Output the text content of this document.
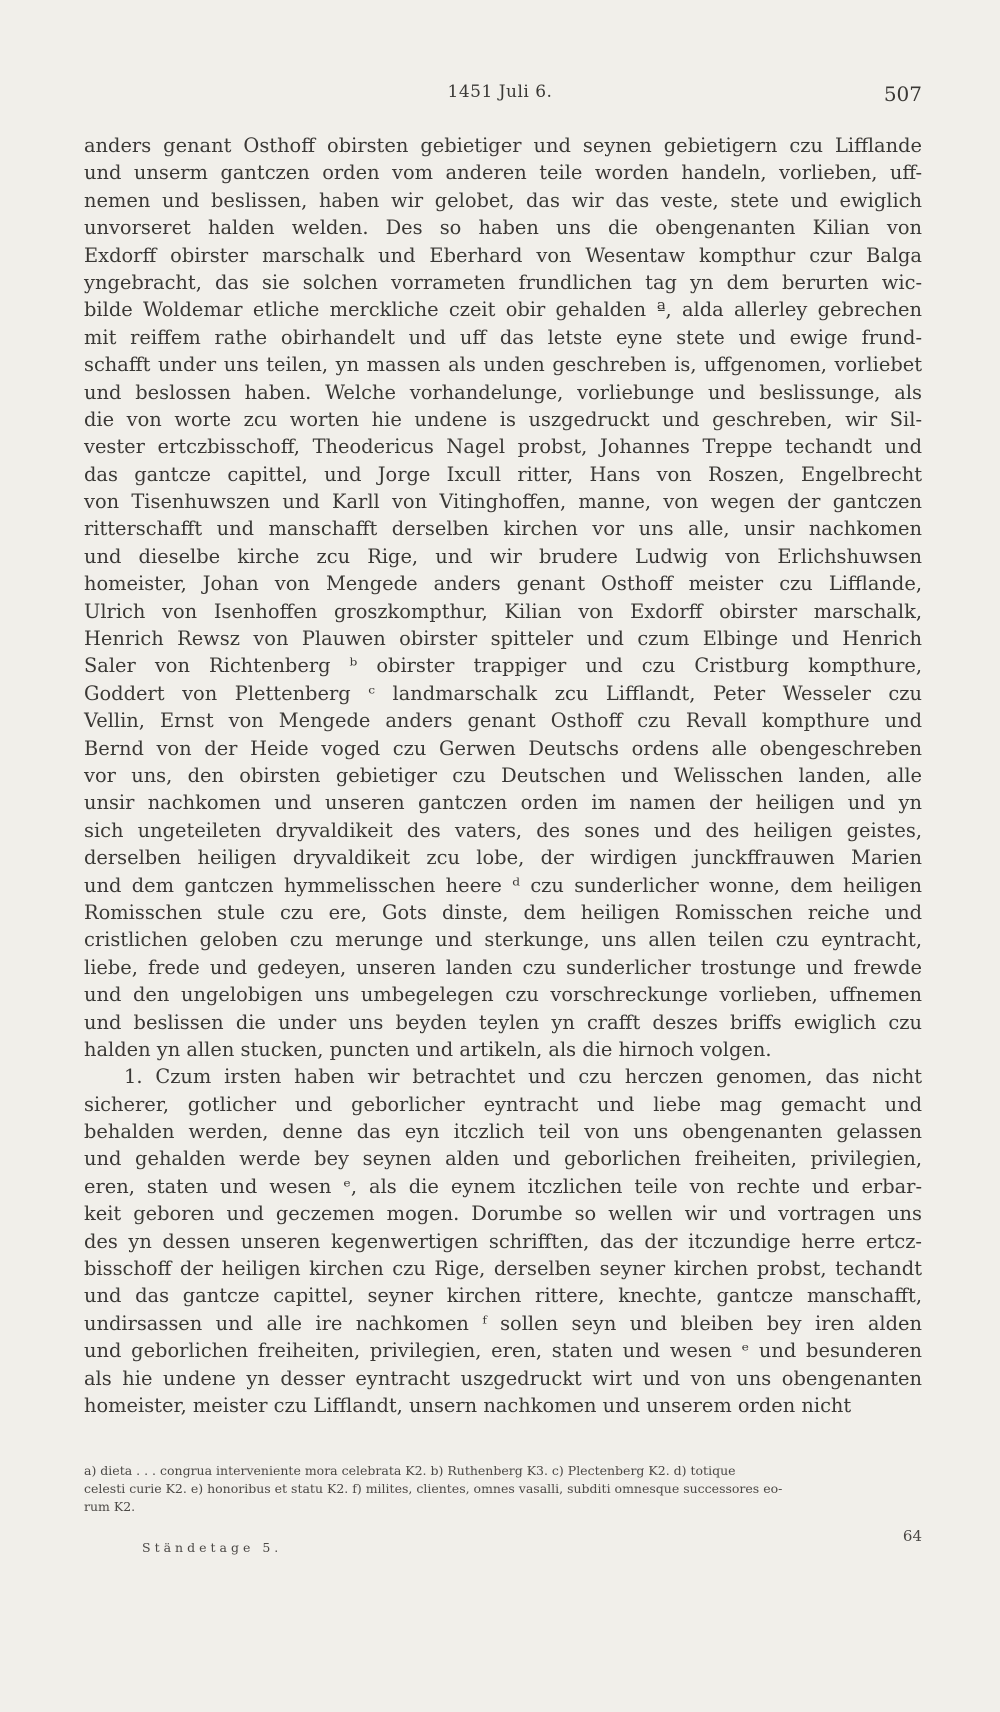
1451 Juli 6.	507
anders genant Osthoff obirsten gebietiger und seynen gebietigern czu Lifflande
und unserm gantczen orden vom anderen teile worden handeln, vorlieben, uff-
nemen und beslissen, haben wir gelobet, das wir das veste, stete und ewiglich
unvorseret halden welden. Des so haben uns die obengenanten Kilian von
Exdorff obirster marschalk und Eberhard von Wesentaw kompthur czur Balga
yngebracht, das sie solchen vorrameten frundlichen tag yn dem berurten wic-
bilde Woldemar etliche merckliche czeit obir gehalden ª, alda allerley gebrechen
mit reiffem rathe obirhandelt und uff das letste eyne stete und ewige frund-
schafft under uns teilen, yn massen als unden geschreben is, uffgenomen, vorliebet
und beslossen haben. Welche vorhandelunge, vorliebunge und beslissunge, als
die von worte zcu worten hie undene is uszgedruckt und geschreben, wir Sil-
vester ertczbisschoff, Theodericus Nagel probst, Johannes Treppe techandt und
das gantcze capittel, und Jorge Ixcull ritter, Hans von Roszen, Engelbrecht
von Tisenhuwszen und Karll von Vitinghoffen, manne, von wegen der gantczen
ritterschafft und manschafft derselben kirchen vor uns alle, unsir nachkomen
und dieselbe kirche zcu Rige, und wir brudere Ludwig von Erlichshuwsen
homeister, Johan von Mengede anders genant Osthoff meister czu Lifflande,
Ulrich von Isenhoffen groszkompthur, Kilian von Exdorff obirster marschalk,
Henrich Rewsz von Plauwen obirster spitteler und czum Elbinge und Henrich
Saler von Richtenberg ᵇ obirster trappiger und czu Cristburg kompthure,
Goddert von Plettenberg ᶜ landmarschalk zcu Lifflandt, Peter Wesseler czu
Vellin, Ernst von Mengede anders genant Osthoff czu Revall kompthure und
Bernd von der Heide voged czu Gerwen Deutschs ordens alle obengeschreben
vor uns, den obirsten gebietiger czu Deutschen und Welisschen landen, alle
unsir nachkomen und unseren gantczen orden im namen der heiligen und yn
sich ungeteileten dryvaldikeit des vaters, des sones und des heiligen geistes,
derselben heiligen dryvaldikeit zcu lobe, der wirdigen junckffrauwen Marien
und dem gantczen hymmelisschen heere ᵈ czu sunderlicher wonne, dem heiligen
Romisschen stule czu ere, Gots dinste, dem heiligen Romisschen reiche und
cristlichen geloben czu merunge und sterkunge, uns allen teilen czu eyntracht,
liebe, frede und gedeyen, unseren landen czu sunderlicher trostunge und frewde
und den ungelobigen uns umbegelegen czu vorschreckunge vorlieben, uffnemen
und beslissen die under uns beyden teylen yn crafft deszes briffs ewiglich czu
halden yn allen stucken, puncten und artikeln, als die hirnoch volgen.
1. Czum irsten haben wir betrachtet und czu herczen genomen, das nicht
sicherer, gotlicher und geborlicher eyntracht und liebe mag gemacht und
behalden werden, denne das eyn itczlich teil von uns obengenanten gelassen
und gehalden werde bey seynen alden und geborlichen freiheiten, privilegien,
eren, staten und wesen ᵉ, als die eynem itczlichen teile von rechte und erbar-
keit geboren und geczemen mogen. Dorumbe so wellen wir und vortragen uns
des yn dessen unseren kegenwertigen schrifften, das der itczundige herre ertcz-
bisschoff der heiligen kirchen czu Rige, derselben seyner kirchen probst, techandt
und das gantcze capittel, seyner kirchen rittere, knechte, gantcze manschafft,
undirsassen und alle ire nachkomen ᶠ sollen seyn und bleiben bey iren alden
und geborlichen freiheiten, privilegien, eren, staten und wesen ᵉ und besunderen
als hie undene yn desser eyntracht uszgedruckt wirt und von uns obengenanten
homeister, meister czu Lifflandt, unsern nachkomen und unserem orden nicht
a) dieta . . . congrua interveniente mora celebrata K2. b) Ruthenberg K3. c) Plectenberg K2. d) totique
celesti curie K2. e) honoribus et statu K2. f) milites, clientes, omnes vasalli, subditi omnesque successores eo-
rum K2.
Ständetage 5.
64
